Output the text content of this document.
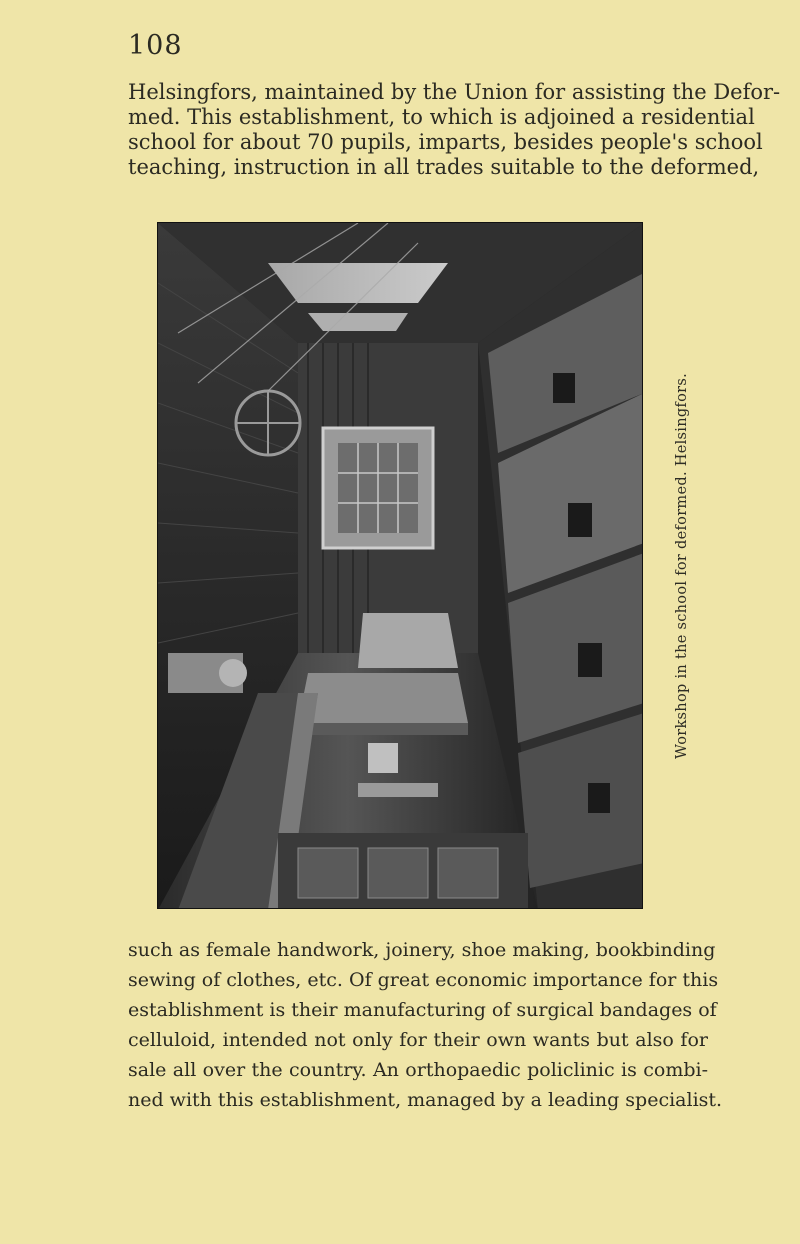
108
Helsingfors, maintained by the Union for assisting the Defor-
med. This establishment, to which is adjoined a residential
school for about 70 pupils, imparts, besides people's school
teaching, instruction in all trades suitable to the deformed,
Workshop in the school for deformed. Helsingfors.
such as female handwork, joinery, shoe making, bookbinding
sewing of clothes, etc. Of great economic importance for this
establishment is their manufacturing of surgical bandages of
celluloid, intended not only for their own wants but also for
sale all over the country. An orthopaedic policlinic is combi-
ned with this establishment, managed by a leading specialist.
